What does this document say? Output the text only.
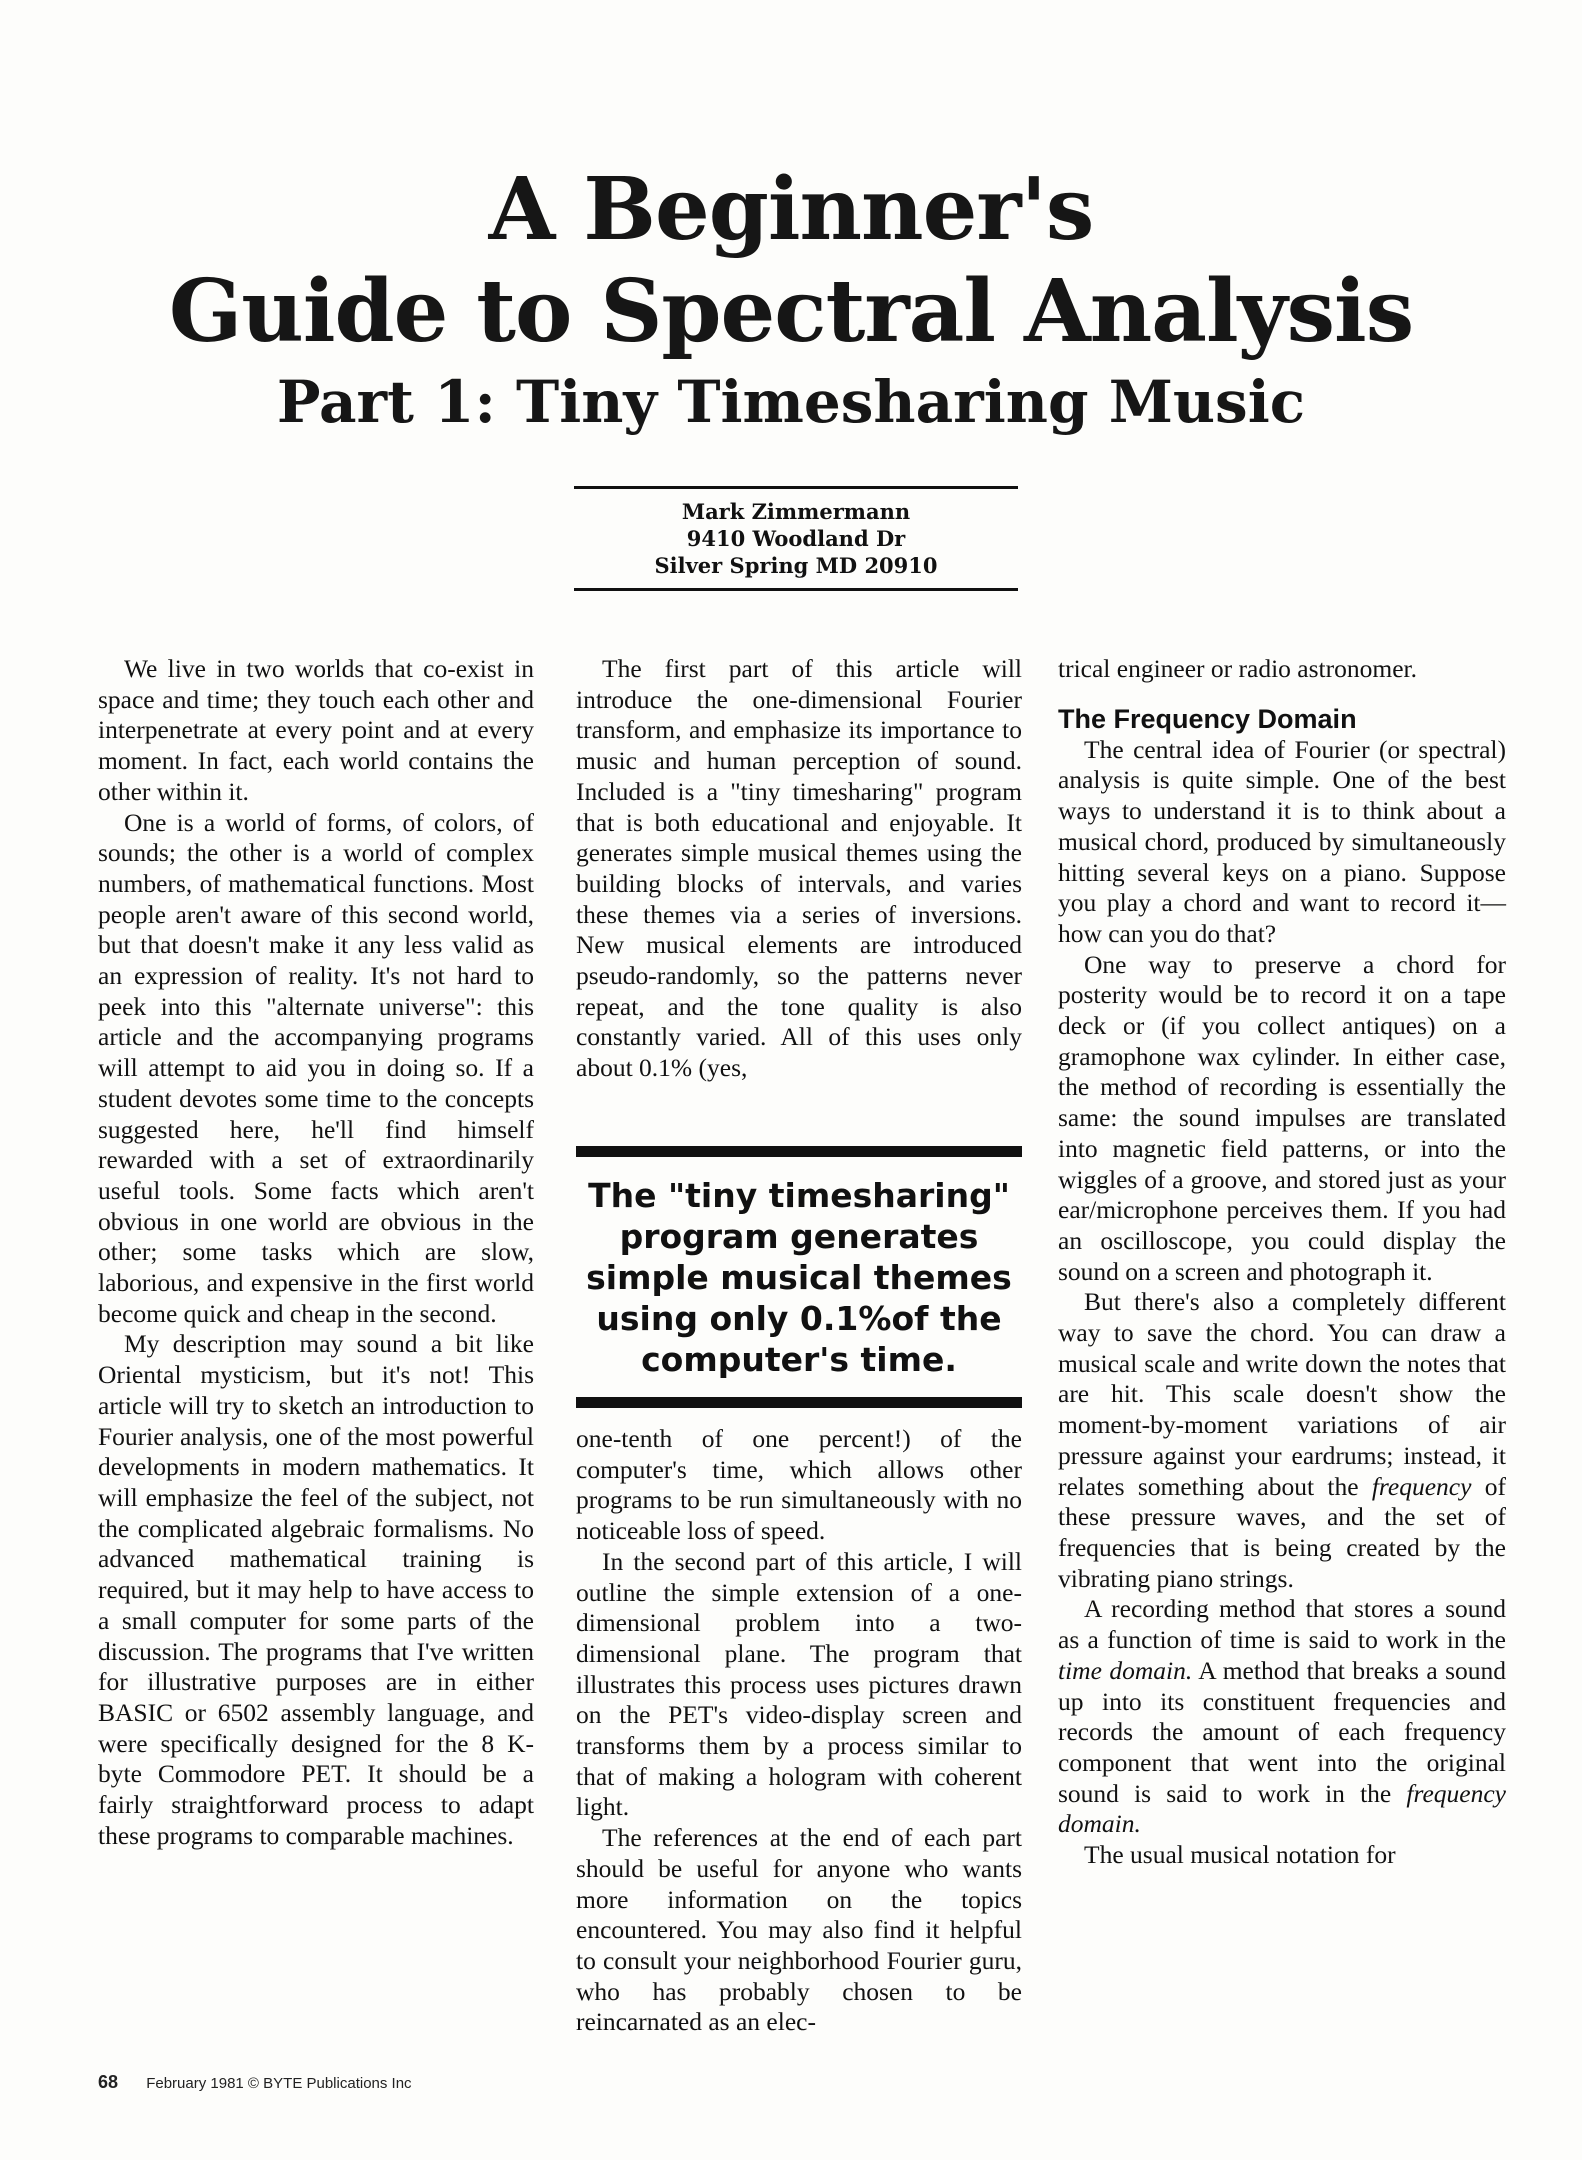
A Beginner's
Guide to Spectral Analysis
Part 1: Tiny Timesharing Music
Mark Zimmermann
9410 Woodland Dr
Silver Spring MD 20910

We live in two worlds that co-exist in space and time; they touch each other and interpenetrate at every point and at every moment. In fact, each world contains the other within it.

One is a world of forms, of colors, of sounds; the other is a world of complex numbers, of mathematical functions. Most people aren't aware of this second world, but that doesn't make it any less valid as an expression of reality. It's not hard to peek into this "alternate universe": this article and the accompanying programs will attempt to aid you in doing so. If a student devotes some time to the concepts suggested here, he'll find himself rewarded with a set of extraordinarily useful tools. Some facts which aren't obvious in one world are obvious in the other; some tasks which are slow, laborious, and expensive in the first world become quick and cheap in the second.

My description may sound a bit like Oriental mysticism, but it's not! This article will try to sketch an introduction to Fourier analysis, one of the most powerful developments in modern mathematics. It will emphasize the feel of the subject, not the complicated algebraic formalisms. No advanced mathematical training is required, but it may help to have access to a small computer for some parts of the discussion. The programs that I've written for illustrative purposes are in either BASIC or 6502 assembly language, and were specifically designed for the 8 K-byte Commodore PET. It should be a fairly straightforward process to adapt these programs to comparable machines.

The first part of this article will introduce the one-dimensional Fourier transform, and emphasize its importance to music and human perception of sound. Included is a "tiny timesharing" program that is both educational and enjoyable. It generates simple musical themes using the building blocks of intervals, and varies these themes via a series of inversions. New musical elements are introduced pseudo-randomly, so the patterns never repeat, and the tone quality is also constantly varied. All of this uses only about 0.1% (yes,

The "tiny timesharing" program generates simple musical themes using only 0.1%of the computer's time.

one-tenth of one percent!) of the computer's time, which allows other programs to be run simultaneously with no noticeable loss of speed.

In the second part of this article, I will outline the simple extension of a one-dimensional problem into a two-dimensional plane. The program that illustrates this process uses pictures drawn on the PET's video-display screen and transforms them by a process similar to that of making a hologram with coherent light.

The references at the end of each part should be useful for anyone who wants more information on the topics encountered. You may also find it helpful to consult your neighborhood Fourier guru, who has probably chosen to be reincarnated as an elec-

trical engineer or radio astronomer.

The Frequency Domain

The central idea of Fourier (or spectral) analysis is quite simple. One of the best ways to understand it is to think about a musical chord, produced by simultaneously hitting several keys on a piano. Suppose you play a chord and want to record it—how can you do that?

One way to preserve a chord for posterity would be to record it on a tape deck or (if you collect antiques) on a gramophone wax cylinder. In either case, the method of recording is essentially the same: the sound impulses are translated into magnetic field patterns, or into the wiggles of a groove, and stored just as your ear/microphone perceives them. If you had an oscilloscope, you could display the sound on a screen and photograph it.

But there's also a completely different way to save the chord. You can draw a musical scale and write down the notes that are hit. This scale doesn't show the moment-by-moment variations of air pressure against your eardrums; instead, it relates something about the frequency of these pressure waves, and the set of frequencies that is being created by the vibrating piano strings.

A recording method that stores a sound as a function of time is said to work in the time domain. A method that breaks a sound up into its constituent frequencies and records the amount of each frequency component that went into the original sound is said to work in the frequency domain.

The usual musical notation for

68 February 1981 © BYTE Publications Inc
